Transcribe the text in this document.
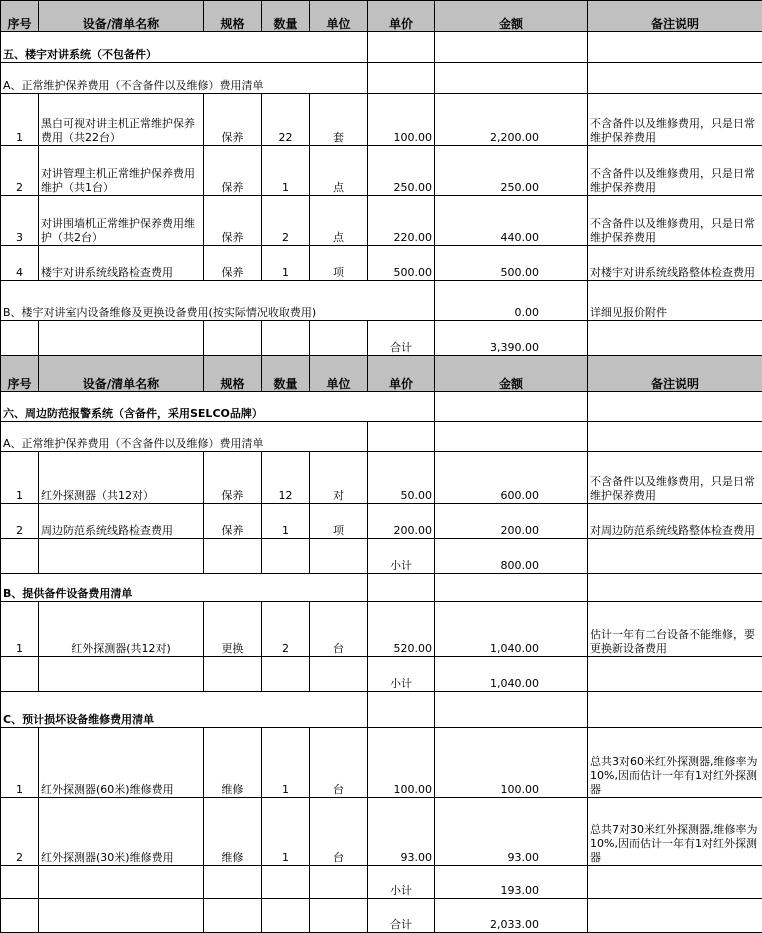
序号	设备/清单名称	规格	数量	单位	单价	金额	备注说明
五、楼宇对讲系统（不包备件）							
A、正常维护保养费用（不含备件以及维修）费用清单							
1	黑白可视对讲主机正常维护保养费用（共22台）	保养	22	套	100.00	2,200.00	不含备件以及维修费用，只是日常维护保养费用
2	对讲管理主机正常维护保养费用维护（共1台）	保养	1	点	250.00	250.00	不含备件以及维修费用，只是日常维护保养费用
3	对讲围墙机正常维护保养费用维护（共2台）	保养	2	点	220.00	440.00	不含备件以及维修费用，只是日常维护保养费用
4	楼宇对讲系统线路检查费用	保养	1	项	500.00	500.00	对楼宇对讲系统线路整体检查费用
B、楼宇对讲室内设备维修及更换设备费用(按实际情况收取费用)						0.00	详细见报价附件
					合计	3,390.00	
序号	设备/清单名称	规格	数量	单位	单价	金额	备注说明
六、周边防范报警系统（含备件，采用SELCO品牌）							
A、正常维护保养费用（不含备件以及维修）费用清单							
1	红外探测器（共12对）	保养	12	对	50.00	600.00	不含备件以及维修费用，只是日常维护保养费用
2	周边防范系统线路检查费用	保养	1	项	200.00	200.00	对周边防范系统线路整体检查费用
					小计	800.00	
B、提供备件设备费用清单							
1	红外探测器(共12对)	更换	2	台	520.00	1,040.00	估计一年有二台设备不能维修，要更换新设备费用
					小计	1,040.00	
C、预计损坏设备维修费用清单							
1	红外探测器(60米)维修费用	维修	1	台	100.00	100.00	总共3对60米红外探测器,维修率为10%,因而估计一年有1对红外探测器
2	红外探测器(30米)维修费用	维修	1	台	93.00	93.00	总共7对30米红外探测器,维修率为10%,因而估计一年有1对红外探测器
					小计	193.00	
					合计	2,033.00	
